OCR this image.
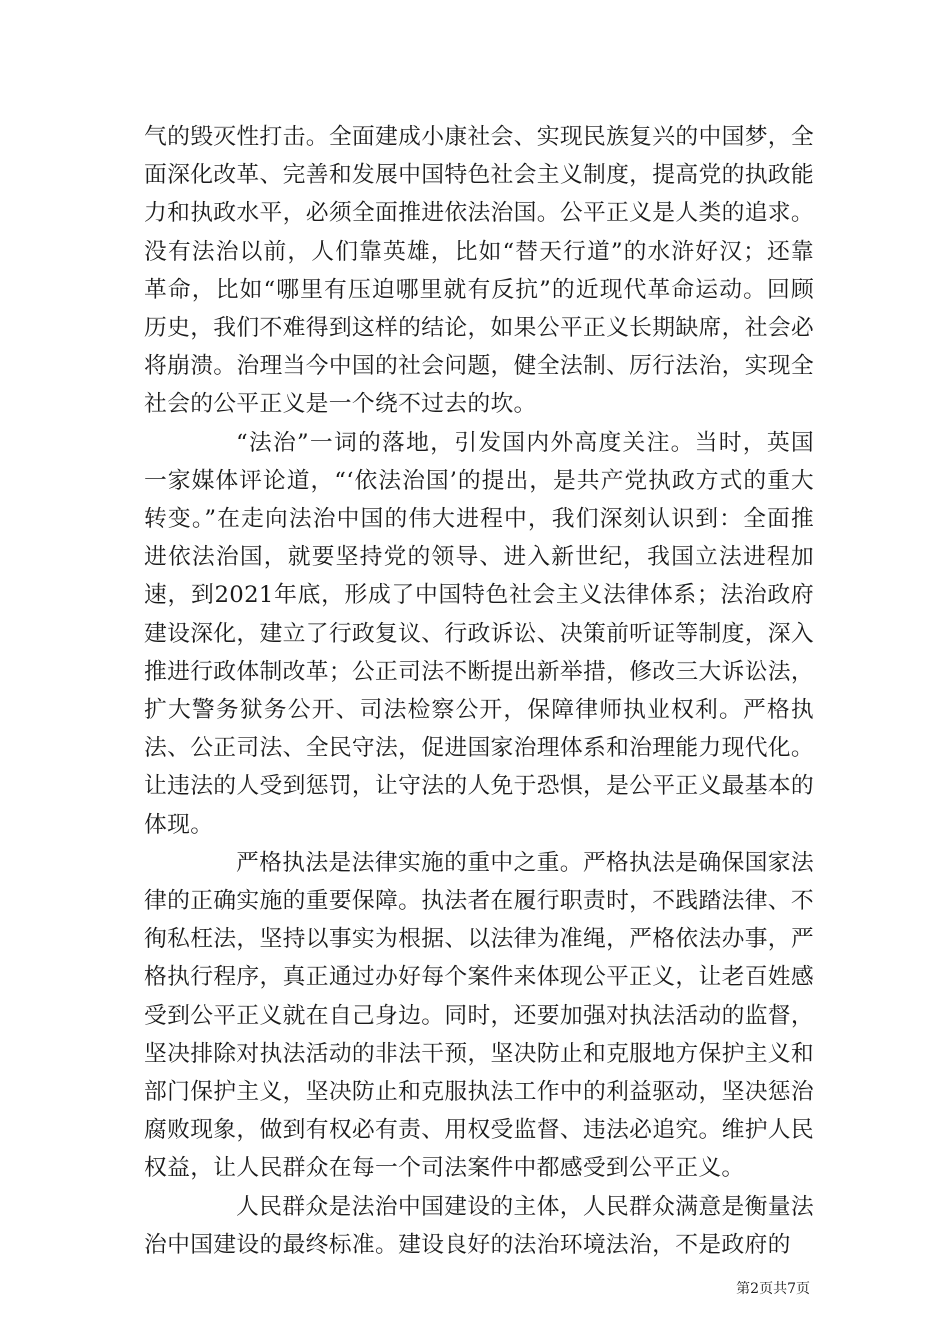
气的毁灭性打击。全面建成小康社会、实现民族复兴的中国梦，全面深化改革、完善和发展中国特色社会主义制度，提高党的执政能力和执政水平，必须全面推进依法治国。公平正义是人类的追求。没有法治以前，人们靠英雄，比如“替天行道”的水浒好汉；还靠革命，比如“哪里有压迫哪里就有反抗”的近现代革命运动。回顾历史，我们不难得到这样的结论，如果公平正义长期缺席，社会必将崩溃。治理当今中国的社会问题，健全法制、厉行法治，实现全社会的公平正义是一个绕不过去的坎。

“法治”一词的落地，引发国内外高度关注。当时，英国一家媒体评论道，“‘依法治国’的提出，是共产党执政方式的重大转变。”在走向法治中国的伟大进程中，我们深刻认识到：全面推进依法治国，就要坚持党的领导、进入新世纪，我国立法进程加速，到2021年底，形成了中国特色社会主义法律体系；法治政府建设深化，建立了行政复议、行政诉讼、决策前听证等制度，深入推进行政体制改革；公正司法不断提出新举措，修改三大诉讼法，扩大警务狱务公开、司法检察公开，保障律师执业权利。严格执法、公正司法、全民守法，促进国家治理体系和治理能力现代化。让违法的人受到惩罚，让守法的人免于恐惧，是公平正义最基本的体现。

严格执法是法律实施的重中之重。严格执法是确保国家法律的正确实施的重要保障。执法者在履行职责时，不践踏法律、不徇私枉法，坚持以事实为根据、以法律为准绳，严格依法办事，严格执行程序，真正通过办好每个案件来体现公平正义，让老百姓感受到公平正义就在自己身边。同时，还要加强对执法活动的监督，坚决排除对执法活动的非法干预，坚决防止和克服地方保护主义和部门保护主义，坚决防止和克服执法工作中的利益驱动，坚决惩治腐败现象，做到有权必有责、用权受监督、违法必追究。维护人民权益，让人民群众在每一个司法案件中都感受到公平正义。

人民群众是法治中国建设的主体，人民群众满意是衡量法治中国建设的最终标准。建设良好的法治环境法治，不是政府的

第2页共7页
